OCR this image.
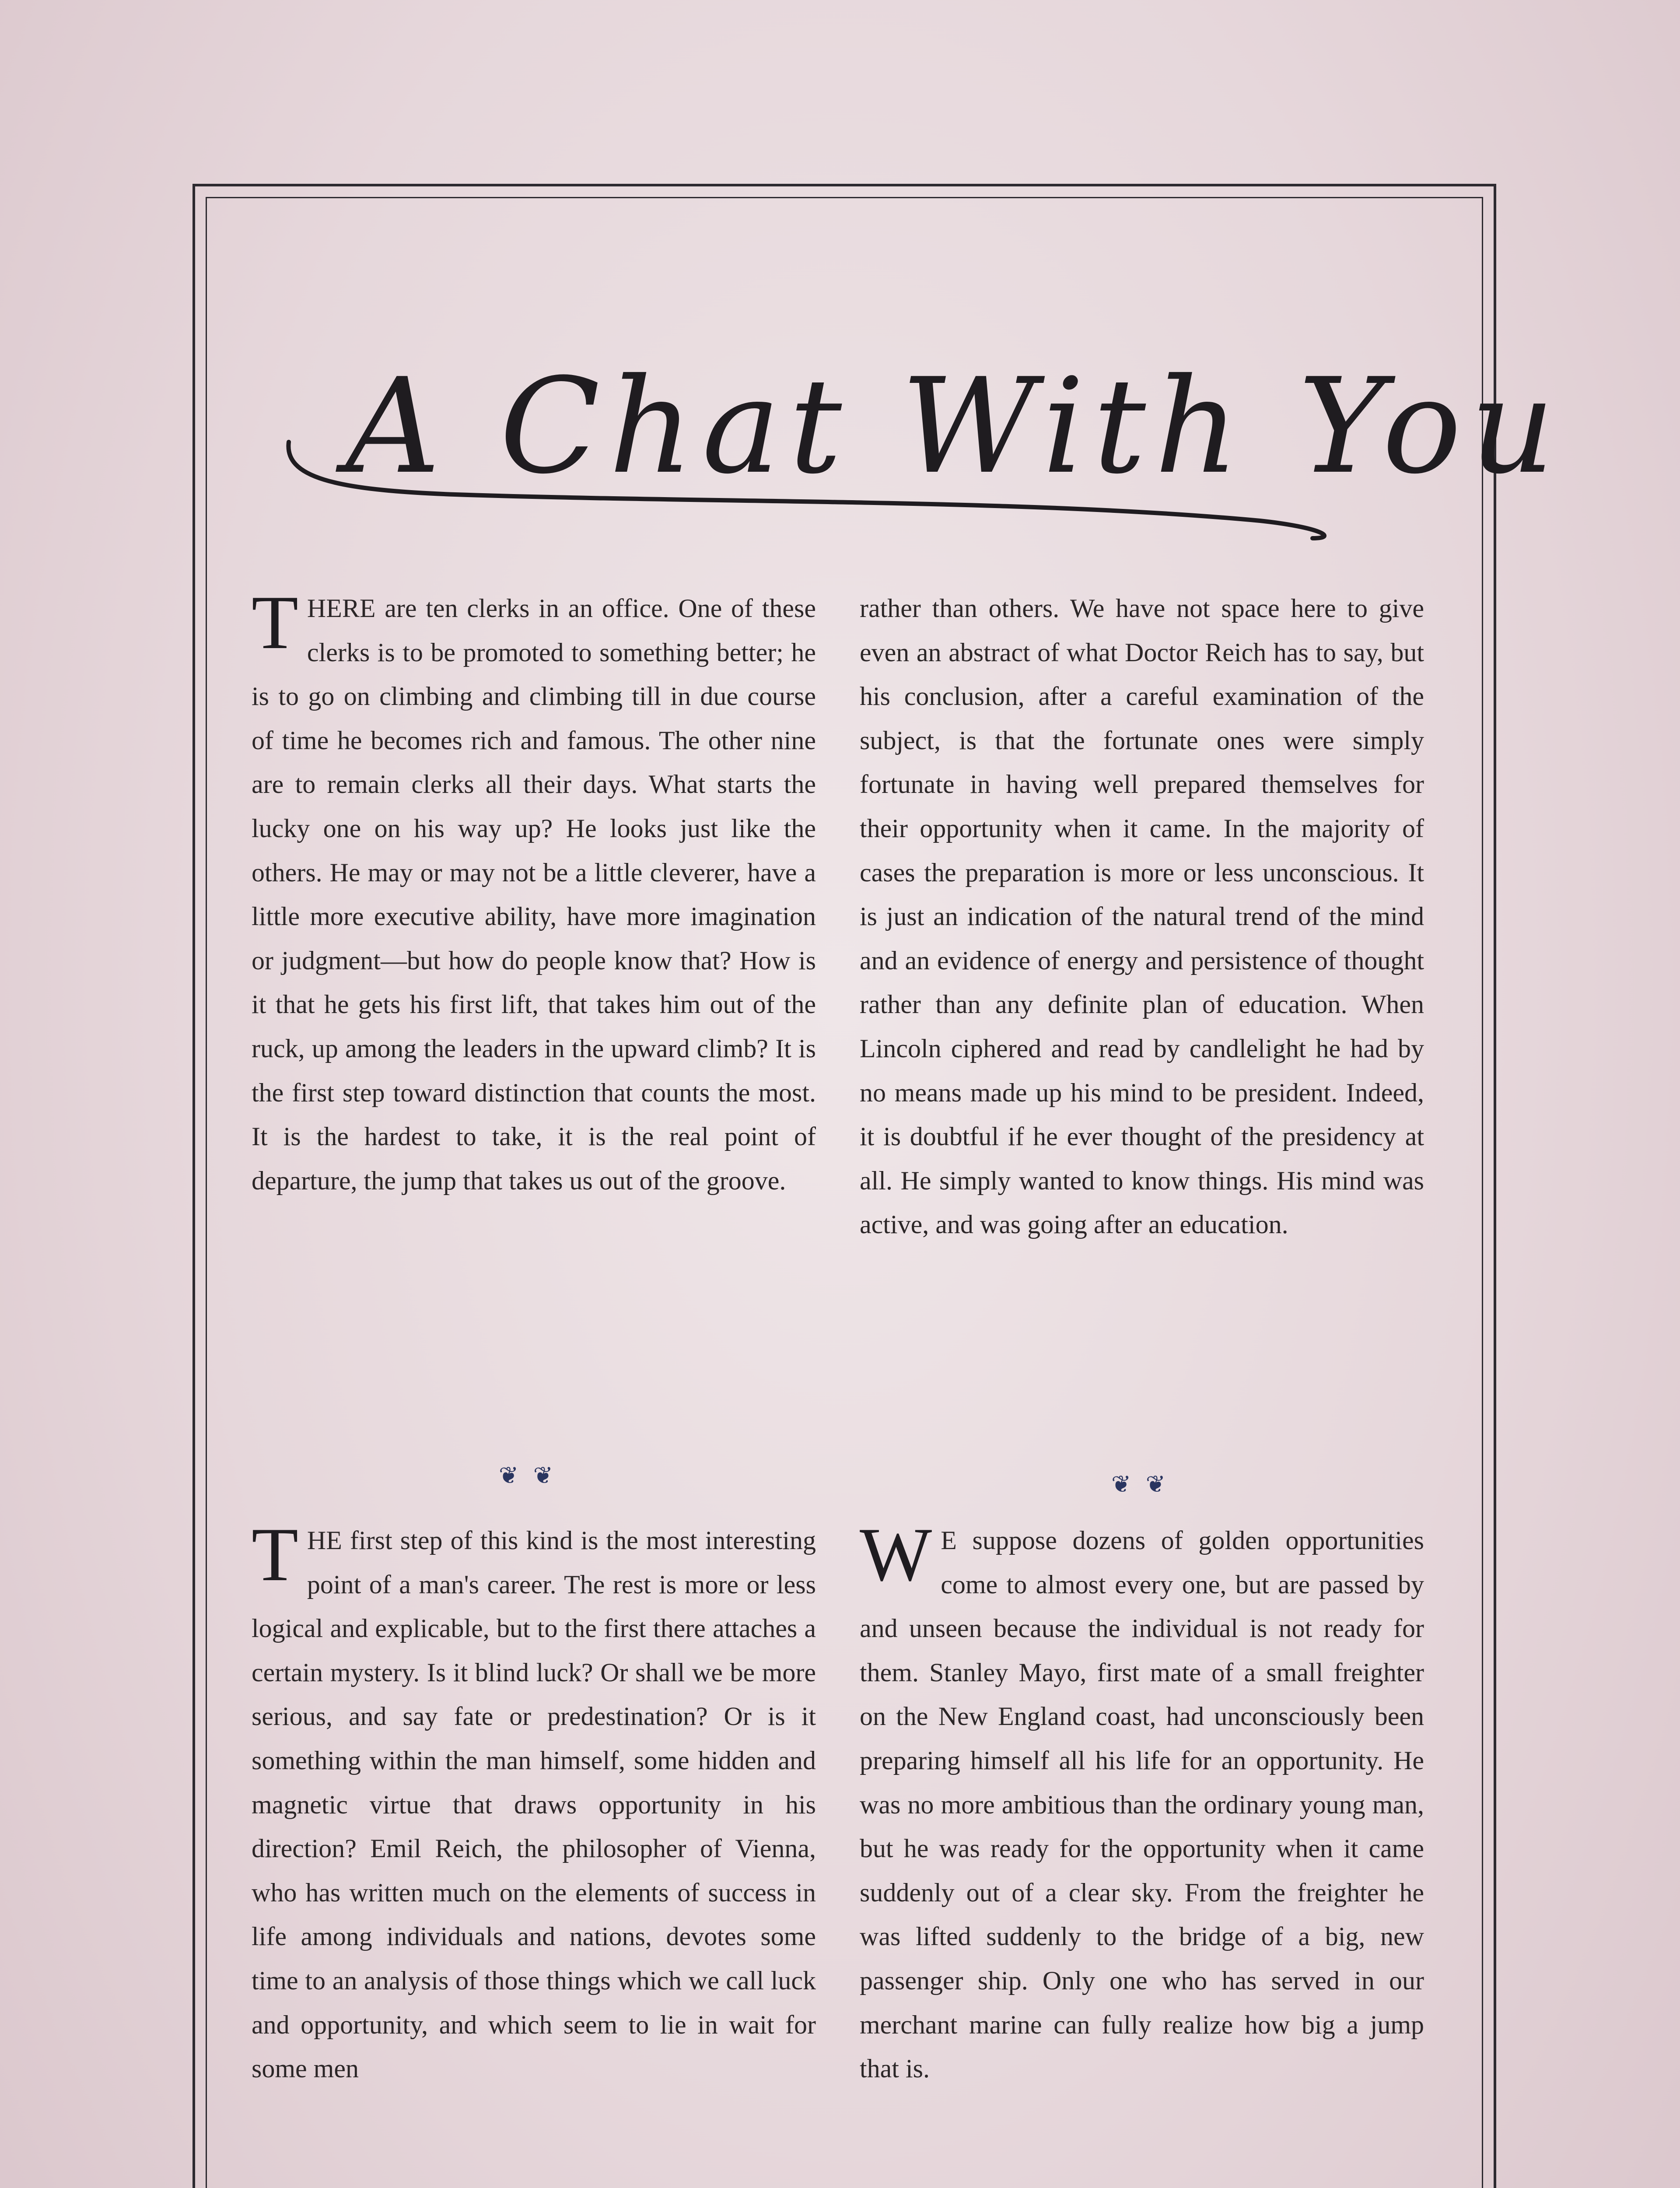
A Chat With You

THERE are ten clerks in an office. One of these clerks is to be promoted to something better; he is to go on climbing and climbing till in due course of time he becomes rich and famous. The other nine are to remain clerks all their days. What starts the lucky one on his way up? He looks just like the others. He may or may not be a little cleverer, have a little more executive ability, have more imagination or judgment—but how do people know that? How is it that he gets his first lift, that takes him out of the ruck, up among the leaders in the upward climb? It is the first step toward distinction that counts the most. It is the hardest to take, it is the real point of departure, the jump that takes us out of the groove.

rather than others. We have not space here to give even an abstract of what Doctor Reich has to say, but his conclusion, after a careful examination of the subject, is that the fortunate ones were simply fortunate in having well prepared themselves for their opportunity when it came. In the majority of cases the preparation is more or less unconscious. It is just an indication of the natural trend of the mind and an evidence of energy and persistence of thought rather than any definite plan of education. When Lincoln ciphered and read by candlelight he had by no means made up his mind to be president. Indeed, it is doubtful if he ever thought of the presidency at all. He simply wanted to know things. His mind was active, and was going after an education.

❦ ❦	❦ ❦

THE first step of this kind is the most interesting point of a man's career. The rest is more or less logical and explicable, but to the first there attaches a certain mystery. Is it blind luck? Or shall we be more serious, and say fate or predestination? Or is it something within the man himself, some hidden and magnetic virtue that draws opportunity in his direction? Emil Reich, the philosopher of Vienna, who has written much on the elements of success in life among individuals and nations, devotes some time to an analysis of those things which we call luck and opportunity, and which seem to lie in wait for some men

W E suppose dozens of golden opportunities come to almost every one, but are passed by and unseen because the individual is not ready for them. Stanley Mayo, first mate of a small freighter on the New England coast, had unconsciously been preparing himself all his life for an opportunity. He was no more ambitious than the ordinary young man, but he was ready for the opportunity when it came suddenly out of a clear sky. From the freighter he was lifted suddenly to the bridge of a big, new passenger ship. Only one who has served in our merchant marine can fully realize how big a jump that is.
